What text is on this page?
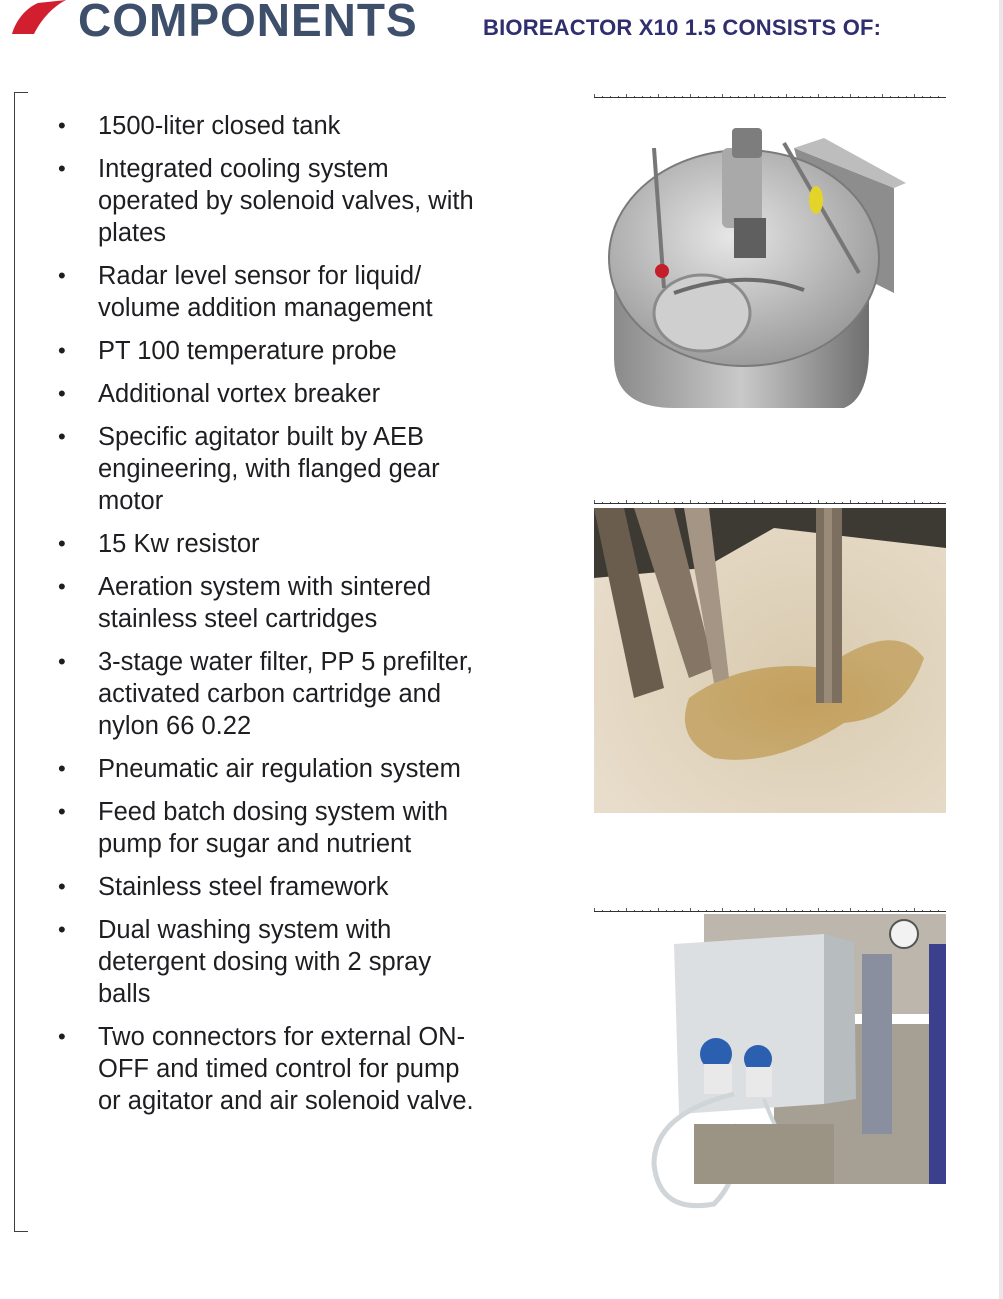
COMPONENTS	BIOREACTOR X10 1.5 CONSISTS OF:
• 1500-liter closed tank
• Integrated cooling system operated by solenoid valves, with plates
• Radar level sensor for liquid/ volume addition management
• PT 100 temperature probe
• Additional vortex breaker
• Specific agitator built by AEB engineering, with flanged gear motor
• 15 Kw resistor
• Aeration system with sintered stainless steel cartridges
• 3-stage water filter, PP 5 prefilter, activated carbon cartridge and nylon 66 0.22
• Pneumatic air regulation system
• Feed batch dosing system with pump for sugar and nutrient
• Stainless steel framework
• Dual washing system with detergent dosing with 2 spray balls
• Two connectors for external ON-OFF and timed control for pump or agitator and air solenoid valve.
